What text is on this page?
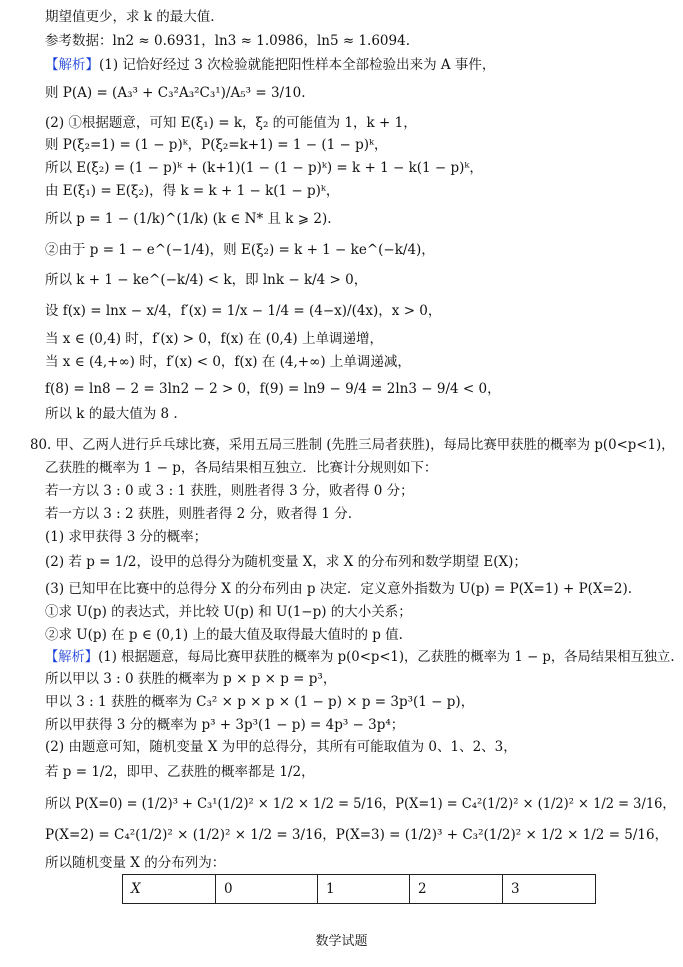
期望值更少，求 k 的最大值.
参考数据：ln2 ≈ 0.6931，ln3 ≈ 1.0986，ln5 ≈ 1.6094.
【解析】(1) 记恰好经过 3 次检验就能把阳性样本全部检验出来为 A 事件，
则 P(A) = (A₃³ + C₃²A₃²C₃¹)/A₅³ = 3/10.
(2) ①根据题意，可知 E(ξ₁) = k，ξ₂ 的可能值为 1，k + 1，
则 P(ξ₂=1) = (1 − p)ᵏ，P(ξ₂=k+1) = 1 − (1 − p)ᵏ，
所以 E(ξ₂) = (1 − p)ᵏ + (k+1)(1 − (1 − p)ᵏ) = k + 1 − k(1 − p)ᵏ，
由 E(ξ₁) = E(ξ₂)，得 k = k + 1 − k(1 − p)ᵏ，
所以 p = 1 − (1/k)^(1/k) (k ∈ N* 且 k ⩾ 2).
②由于 p = 1 − e^(−1/4)，则 E(ξ₂) = k + 1 − ke^(−k/4)，
所以 k + 1 − ke^(−k/4) < k，即 lnk − k/4 > 0，
设 f(x) = lnx − x/4，f′(x) = 1/x − 1/4 = (4−x)/(4x)，x > 0，
当 x ∈ (0,4) 时，f′(x) > 0，f(x) 在 (0,4) 上单调递增，
当 x ∈ (4,+∞) 时，f′(x) < 0，f(x) 在 (4,+∞) 上单调递减，
f(8) = ln8 − 2 = 3ln2 − 2 > 0，f(9) = ln9 − 9/4 = 2ln3 − 9/4 < 0，
所以 k 的最大值为 8 .
80. 甲、乙两人进行乒乓球比赛，采用五局三胜制 (先胜三局者获胜)，每局比赛甲获胜的概率为 p(0<p<1)，
乙获胜的概率为 1 − p，各局结果相互独立．比赛计分规则如下：
若一方以 3 : 0 或 3 : 1 获胜，则胜者得 3 分，败者得 0 分；
若一方以 3 : 2 获胜，则胜者得 2 分，败者得 1 分.
(1) 求甲获得 3 分的概率；
(2) 若 p = 1/2，设甲的总得分为随机变量 X，求 X 的分布列和数学期望 E(X)；
(3) 已知甲在比赛中的总得分 X 的分布列由 p 决定．定义意外指数为 U(p) = P(X=1) + P(X=2).
①求 U(p) 的表达式，并比较 U(p) 和 U(1−p) 的大小关系；
②求 U(p) 在 p ∈ (0,1) 上的最大值及取得最大值时的 p 值.
【解析】(1) 根据题意，每局比赛甲获胜的概率为 p(0<p<1)，乙获胜的概率为 1 − p，各局结果相互独立.
所以甲以 3 : 0 获胜的概率为 p × p × p = p³，
甲以 3 : 1 获胜的概率为 C₃² × p × p × (1 − p) × p = 3p³(1 − p)，
所以甲获得 3 分的概率为 p³ + 3p³(1 − p) = 4p³ − 3p⁴；
(2) 由题意可知，随机变量 X 为甲的总得分，其所有可能取值为 0、1、2、3，
若 p = 1/2，即甲、乙获胜的概率都是 1/2，
所以 P(X=0) = (1/2)³ + C₃¹(1/2)² × 1/2 × 1/2 = 5/16，P(X=1) = C₄²(1/2)² × (1/2)² × 1/2 = 3/16，
P(X=2) = C₄²(1/2)² × (1/2)² × 1/2 = 3/16，P(X=3) = (1/2)³ + C₃²(1/2)² × 1/2 × 1/2 = 5/16，
所以随机变量 X 的分布列为：
X	0	1	2	3
数学试题
